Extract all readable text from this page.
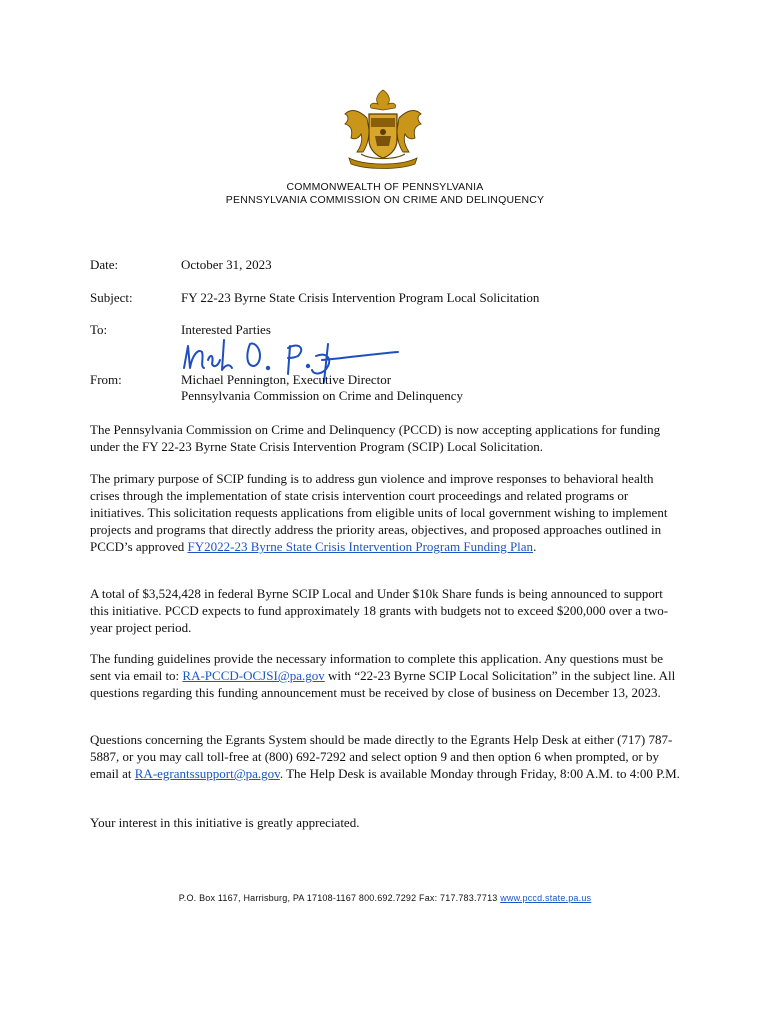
COMMONWEALTH OF PENNSYLVANIA
PENNSYLVANIA COMMISSION ON CRIME AND DELINQUENCY
Date:	October 31, 2023
Subject:	FY 22-23 Byrne State Crisis Intervention Program Local Solicitation
To:	Interested Parties
From:	Michael Pennington, Executive Director
Pennsylvania Commission on Crime and Delinquency

The Pennsylvania Commission on Crime and Delinquency (PCCD) is now accepting applications for funding under the FY 22-23 Byrne State Crisis Intervention Program (SCIP) Local Solicitation.

The primary purpose of SCIP funding is to address gun violence and improve responses to behavioral health crises through the implementation of state crisis intervention court proceedings and related programs or initiatives. This solicitation requests applications from eligible units of local government wishing to implement projects and programs that directly address the priority areas, objectives, and proposed approaches outlined in PCCD’s approved FY2022-23 Byrne State Crisis Intervention Program Funding Plan.

A total of $3,524,428 in federal Byrne SCIP Local and Under $10k Share funds is being announced to support this initiative. PCCD expects to fund approximately 18 grants with budgets not to exceed $200,000 over a two-year project period.

The funding guidelines provide the necessary information to complete this application. Any questions must be sent via email to: RA-PCCD-OCJSI@pa.gov with “22-23 Byrne SCIP Local Solicitation” in the subject line. All questions regarding this funding announcement must be received by close of business on December 13, 2023.

Questions concerning the Egrants System should be made directly to the Egrants Help Desk at either (717) 787-5887, or you may call toll-free at (800) 692-7292 and select option 9 and then option 6 when prompted, or by email at RA-egrantssupport@pa.gov. The Help Desk is available Monday through Friday, 8:00 A.M. to 4:00 P.M.

Your interest in this initiative is greatly appreciated.

P.O. Box 1167, Harrisburg, PA 17108-1167 800.692.7292 Fax: 717.783.7713 www.pccd.state.pa.us
